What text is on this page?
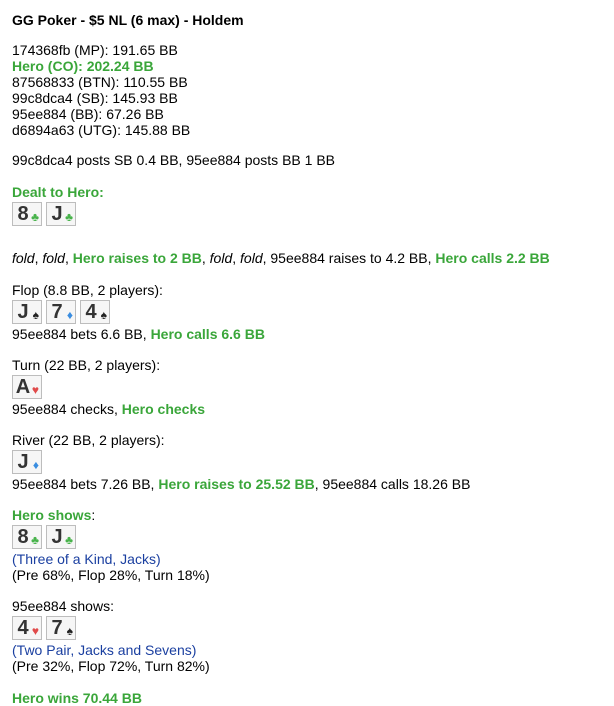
GG Poker - $5 NL (6 max) - Holdem
174368fb (MP): 191.65 BB
Hero (CO): 202.24 BB
87568833 (BTN): 110.55 BB
99c8dca4 (SB): 145.93 BB
95ee884 (BB): 67.26 BB
d6894a63 (UTG): 145.88 BB
99c8dca4 posts SB 0.4 BB, 95ee884 posts BB 1 BB
Dealt to Hero:
8 ♣ J ♣
fold, fold, Hero raises to 2 BB, fold, fold, 95ee884 raises to 4.2 BB, Hero calls 2.2 BB
Flop (8.8 BB, 2 players):
J ♠ 7 ♦ 4 ♠
95ee884 bets 6.6 BB, Hero calls 6.6 BB
Turn (22 BB, 2 players):
A ♥
95ee884 checks, Hero checks
River (22 BB, 2 players):
J ♦
95ee884 bets 7.26 BB, Hero raises to 25.52 BB, 95ee884 calls 18.26 BB
Hero shows:
8 ♣ J ♣
(Three of a Kind, Jacks)
(Pre 68%, Flop 28%, Turn 18%)
95ee884 shows:
4 ♥ 7 ♠
(Two Pair, Jacks and Sevens)
(Pre 32%, Flop 72%, Turn 82%)
Hero wins 70.44 BB
